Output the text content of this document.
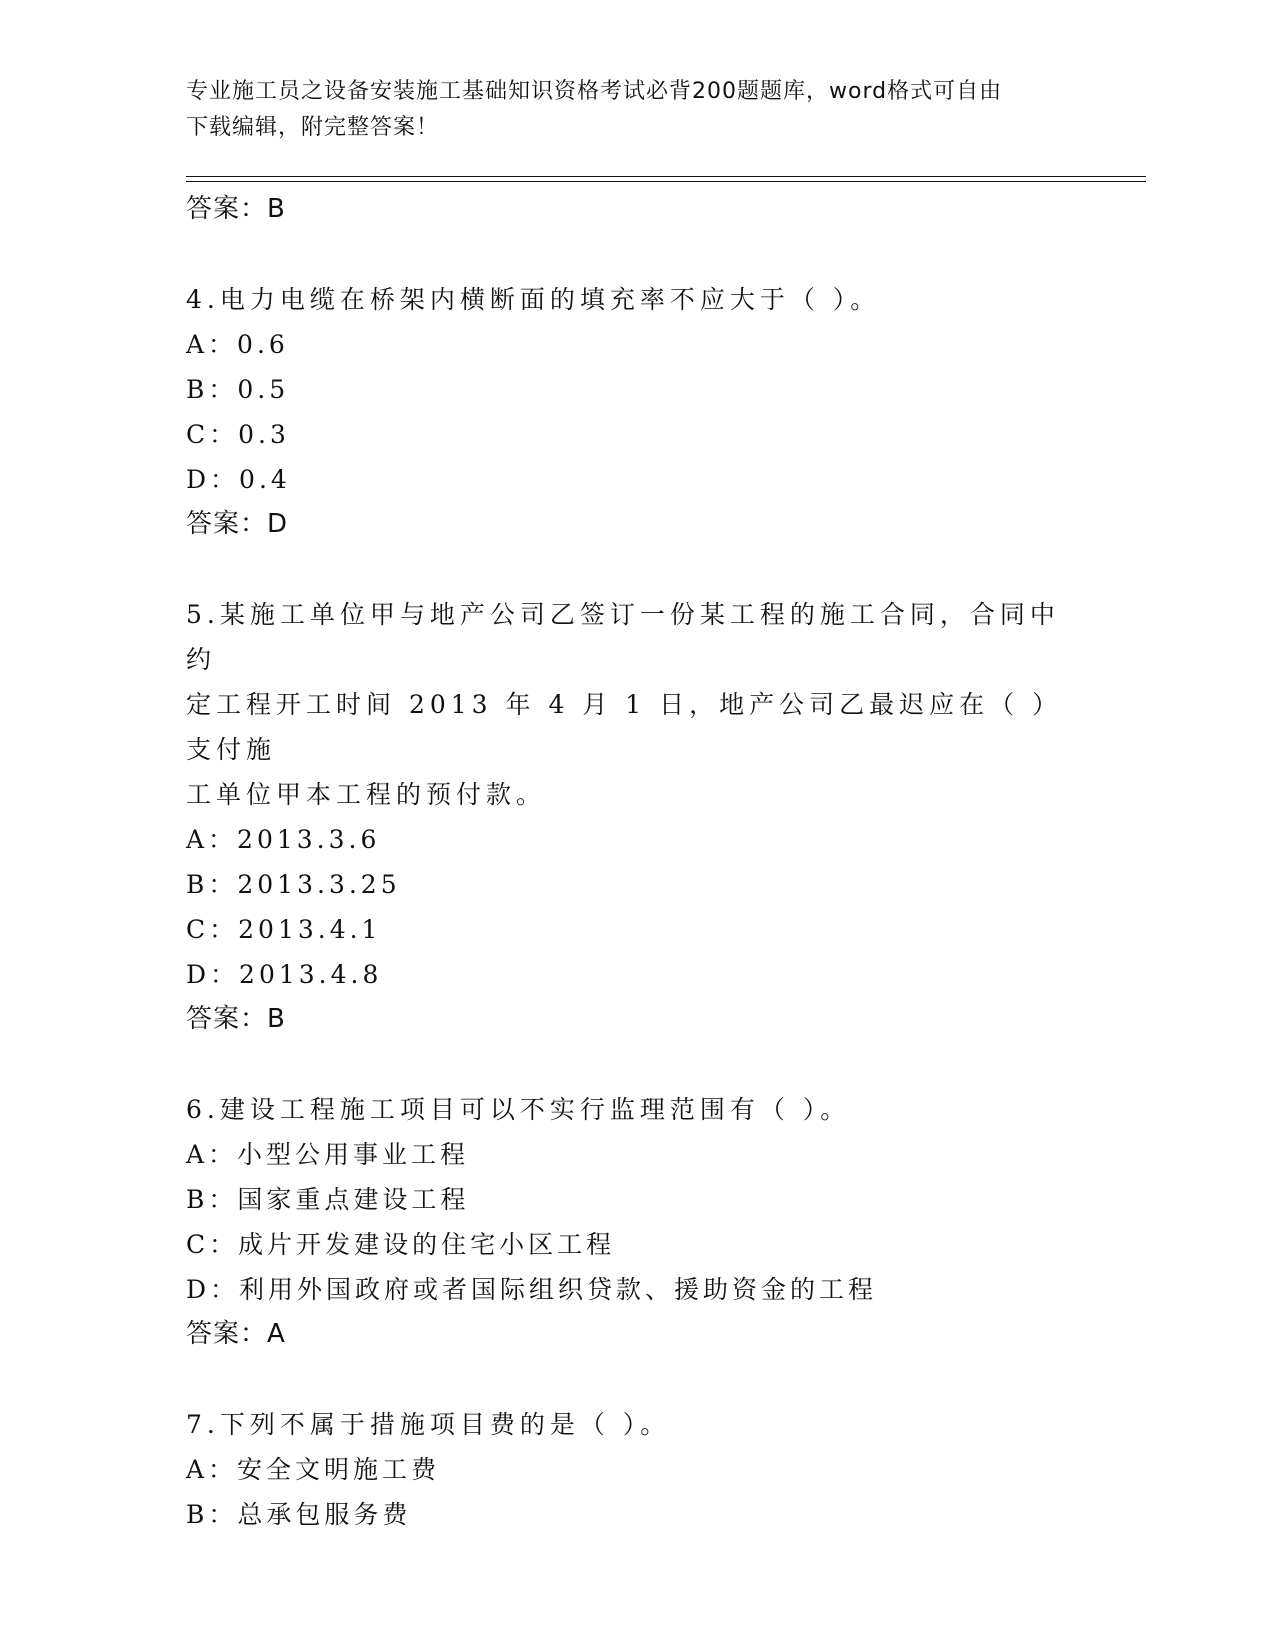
专业施工员之设备安装施工基础知识资格考试必背200题题库，word格式可自由
下载编辑，附完整答案！
答案：B
4.电力电缆在桥架内横断面的填充率不应大于（ ）。
A：0.6
B：0.5
C：0.3
D：0.4
答案：D
5.某施工单位甲与地产公司乙签订一份某工程的施工合同，合同中约
定工程开工时间 2013 年 4 月 1 日，地产公司乙最迟应在（ ）支付施
工单位甲本工程的预付款。
A：2013.3.6
B：2013.3.25
C：2013.4.1
D：2013.4.8
答案：B
6.建设工程施工项目可以不实行监理范围有（ ）。
A：小型公用事业工程
B：国家重点建设工程
C：成片开发建设的住宅小区工程
D：利用外国政府或者国际组织贷款、援助资金的工程
答案：A
7.下列不属于措施项目费的是（ ）。
A：安全文明施工费
B：总承包服务费
